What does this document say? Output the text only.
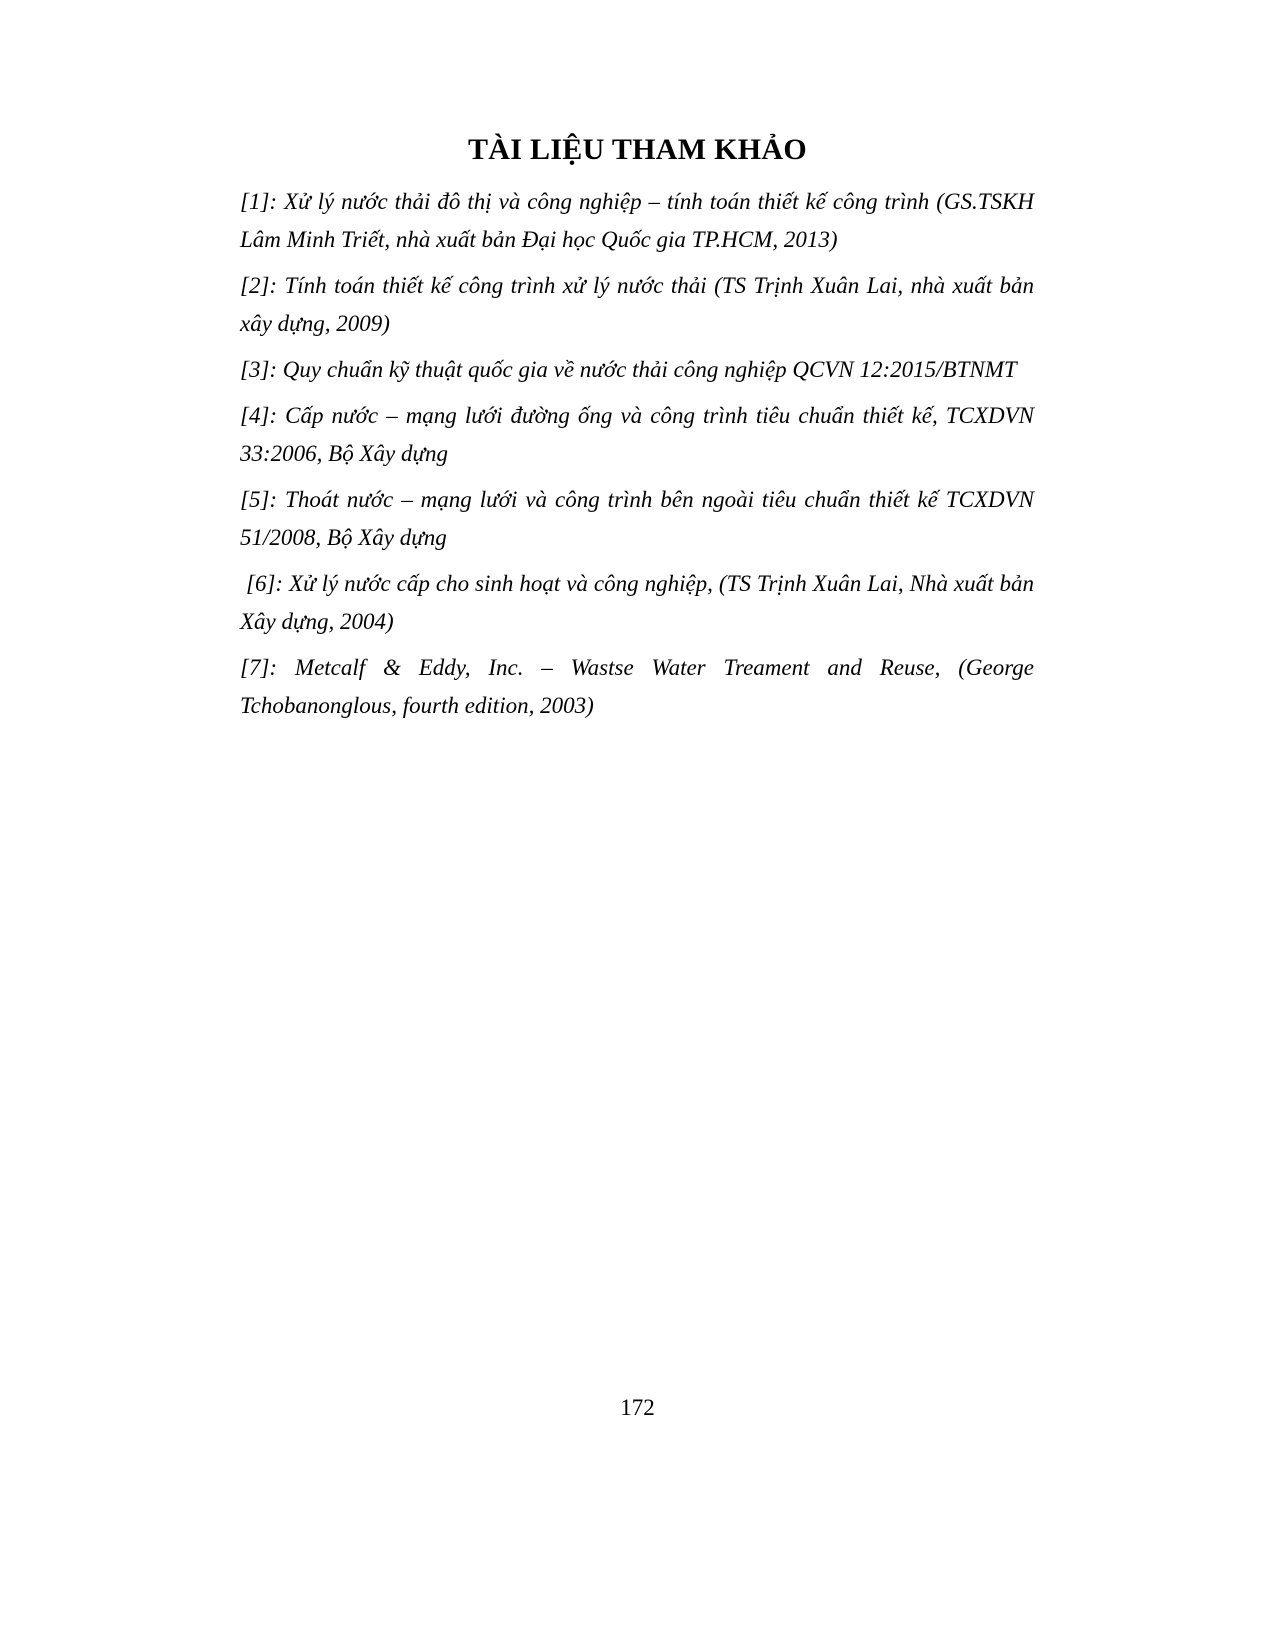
TÀI LIỆU THAM KHẢO

[1]: Xử lý nước thải đô thị và công nghiệp – tính toán thiết kế công trình (GS.TSKH Lâm Minh Triết, nhà xuất bản Đại học Quốc gia TP.HCM, 2013)

[2]: Tính toán thiết kế công trình xử lý nước thải (TS Trịnh Xuân Lai, nhà xuất bản xây dựng, 2009)

[3]: Quy chuẩn kỹ thuật quốc gia về nước thải công nghiệp QCVN 12:2015/BTNMT

[4]: Cấp nước – mạng lưới đường ống và công trình tiêu chuẩn thiết kế, TCXDVN 33:2006, Bộ Xây dựng

[5]: Thoát nước – mạng lưới và công trình bên ngoài tiêu chuẩn thiết kế TCXDVN 51/2008, Bộ Xây dựng

[6]: Xử lý nước cấp cho sinh hoạt và công nghiệp, (TS Trịnh Xuân Lai, Nhà xuất bản Xây dựng, 2004)

[7]: Metcalf & Eddy, Inc. – Wastse Water Treament and Reuse, (George Tchobanonglous, fourth edition, 2003)

172
